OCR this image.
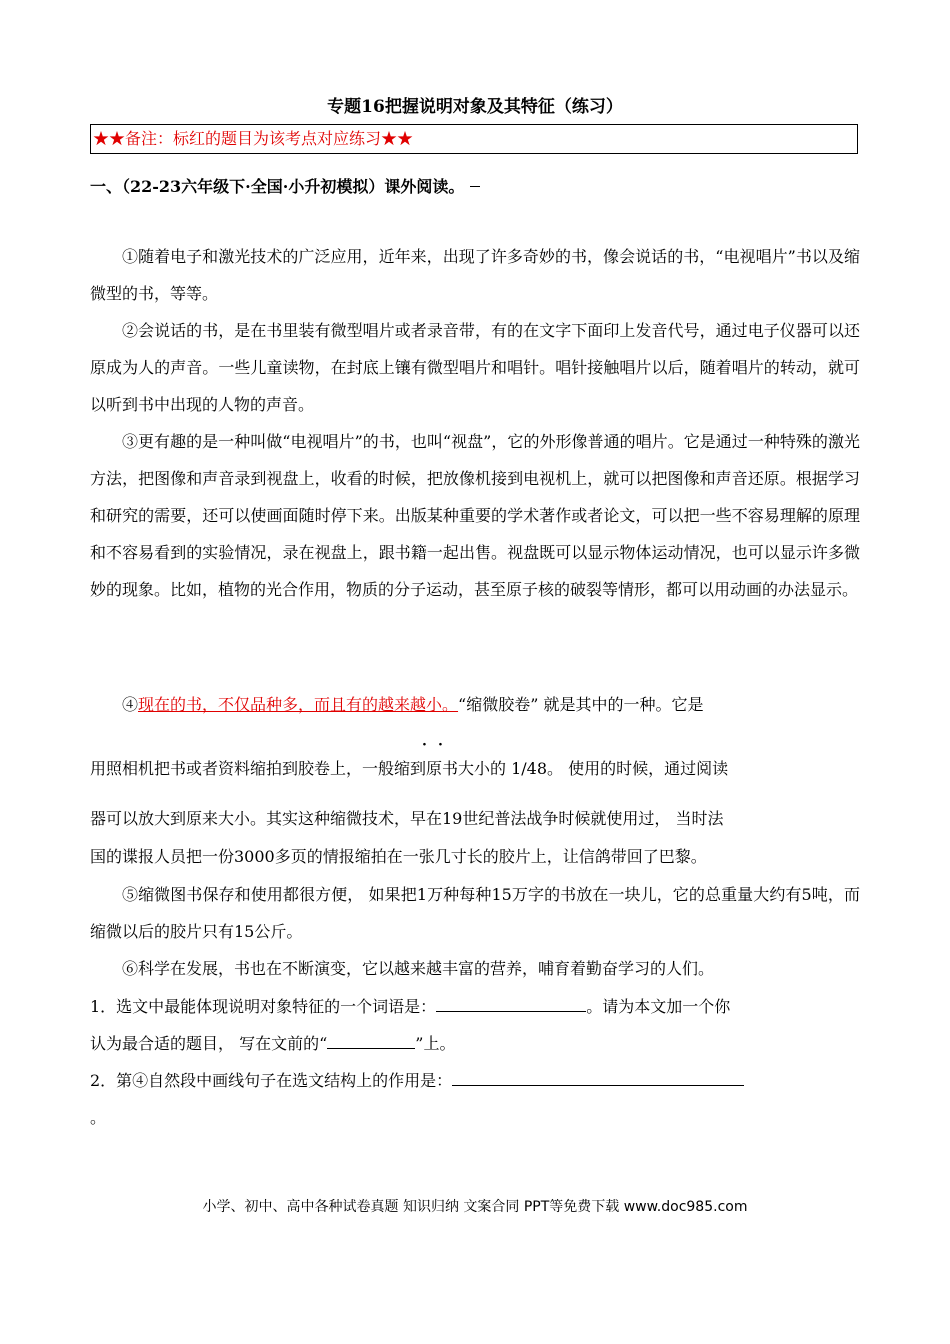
专题16把握说明对象及其特征（练习）
★★备注：标红的题目为该考点对应练习★★
一、（22-23六年级下·全国·小升初模拟）课外阅读。
①随着电子和激光技术的广泛应用，近年来，出现了许多奇妙的书，像会说话的书，“电视唱片”书以及缩微型的书，等等。
②会说话的书，是在书里装有微型唱片或者录音带，有的在文字下面印上发音代号，通过电子仪器可以还原成为人的声音。一些儿童读物，在封底上镶有微型唱片和唱针。唱针接触唱片以后，随着唱片的转动，就可以听到书中出现的人物的声音。
③更有趣的是一种叫做“电视唱片”的书，也叫“视盘”，它的外形像普通的唱片。它是通过一种特殊的激光方法，把图像和声音录到视盘上，收看的时候，把放像机接到电视机上，就可以把图像和声音还原。根据学习和研究的需要，还可以使画面随时停下来。出版某种重要的学术著作或者论文，可以把一些不容易理解的原理和不容易看到的实验情况，录在视盘上，跟书籍一起出售。视盘既可以显示物体运动情况，也可以显示许多微妙的现象。比如，植物的光合作用，物质的分子运动，甚至原子核的破裂等情形，都可以用动画的办法显示。
④现在的书，不仅品种多，而且有的越来越小。“缩微胶卷” 就是其中的一种。它是
· ·
用照相机把书或者资料缩拍到胶卷上，一般缩到原书大小的 1/48。 使用的时候，通过阅读
器可以放大到原来大小。其实这种缩微技术，早在19世纪普法战争时候就使用过， 当时法
国的谍报人员把一份3000多页的情报缩拍在一张几寸长的胶片上，让信鸽带回了巴黎。
⑤缩微图书保存和使用都很方便， 如果把1万种每种15万字的书放在一块儿，它的总重量大约有5吨，而缩微以后的胶片只有15公斤。
⑥科学在发展，书也在不断演变，它以越来越丰富的营养，哺育着勤奋学习的人们。
1．选文中最能体现说明对象特征的一个词语是：	。请为本文加一个你
认为最合适的题目， 写在文前的“	”上。
2．第④自然段中画线句子在选文结构上的作用是：
。
小学、初中、高中各种试卷真题 知识归纳 文案合同 PPT等免费下载 www.doc985.com
